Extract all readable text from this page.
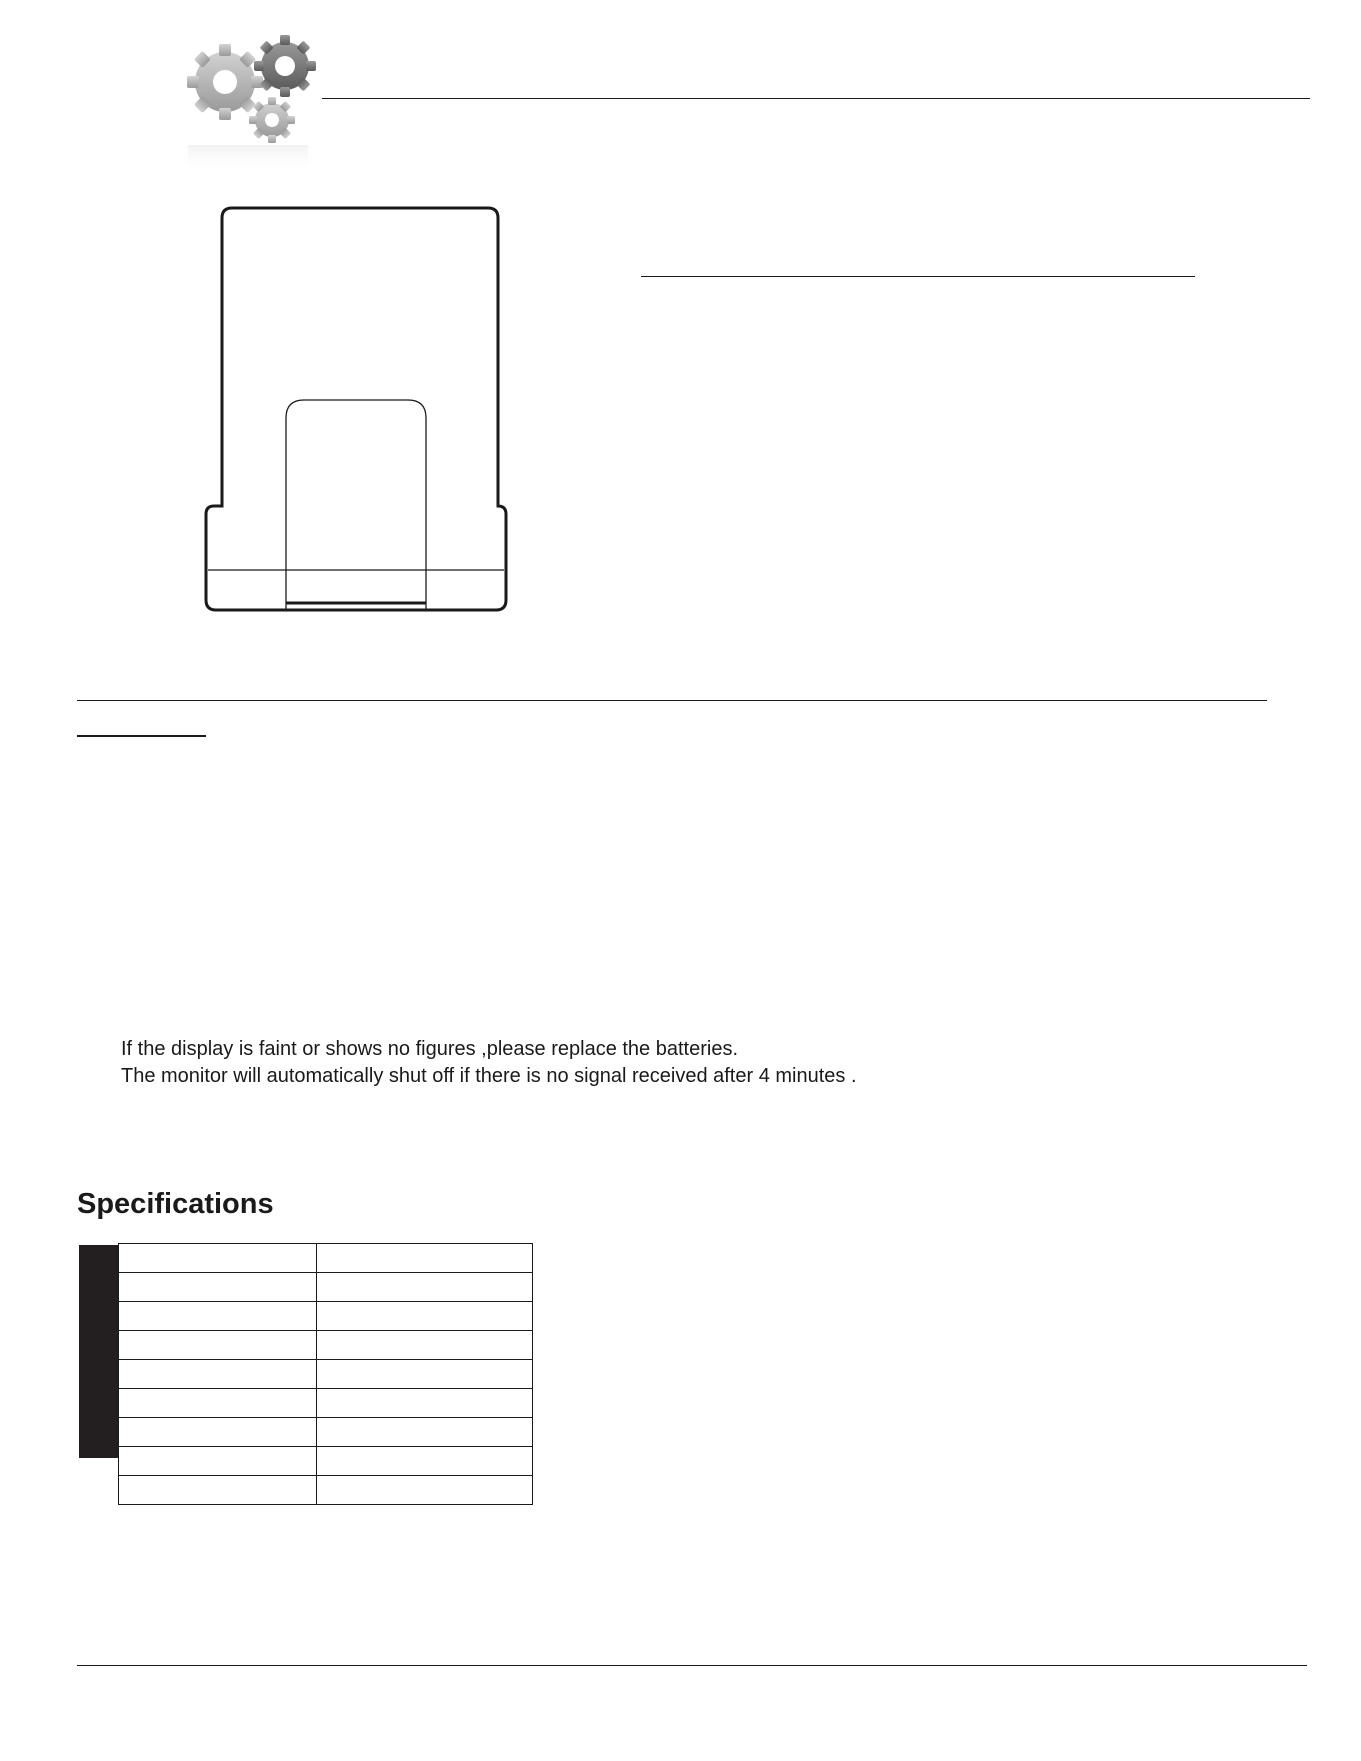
If the display is faint or shows no figures ,please replace the batteries.
The monitor will automatically shut off if there is no signal received after 4 minutes .
Specifications
